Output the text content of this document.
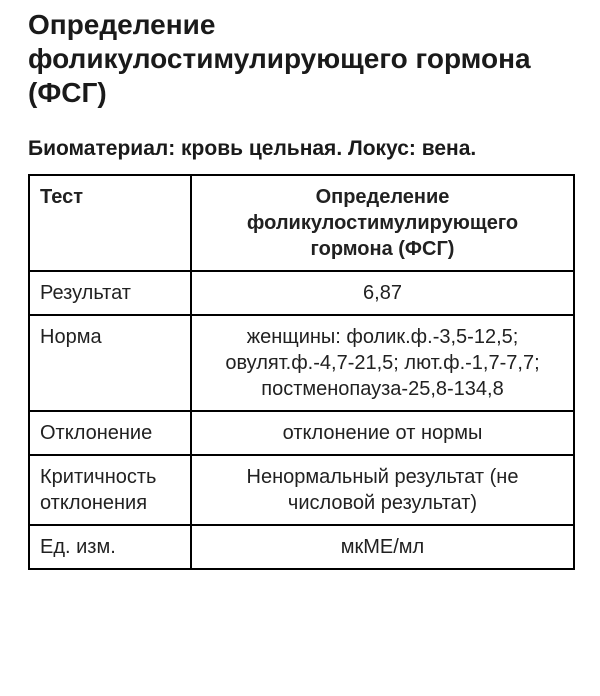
Определение
фоликулостимулирующего гормона
(ФСГ)

Биоматериал: кровь цельная. Локус: вена.

Тест	Определение
фоликулостимулирующего
гормона (ФСГ)
Результат	6,87
Норма	женщины: фолик.ф.-3,5-12,5;
овулят.ф.-4,7-21,5; лют.ф.-1,7-7,7;
постменопауза-25,8-134,8
Отклонение	отклонение от нормы
Критичность отклонения	Ненормальный результат (не
числовой результат)
Ед. изм.	мкМЕ/мл
